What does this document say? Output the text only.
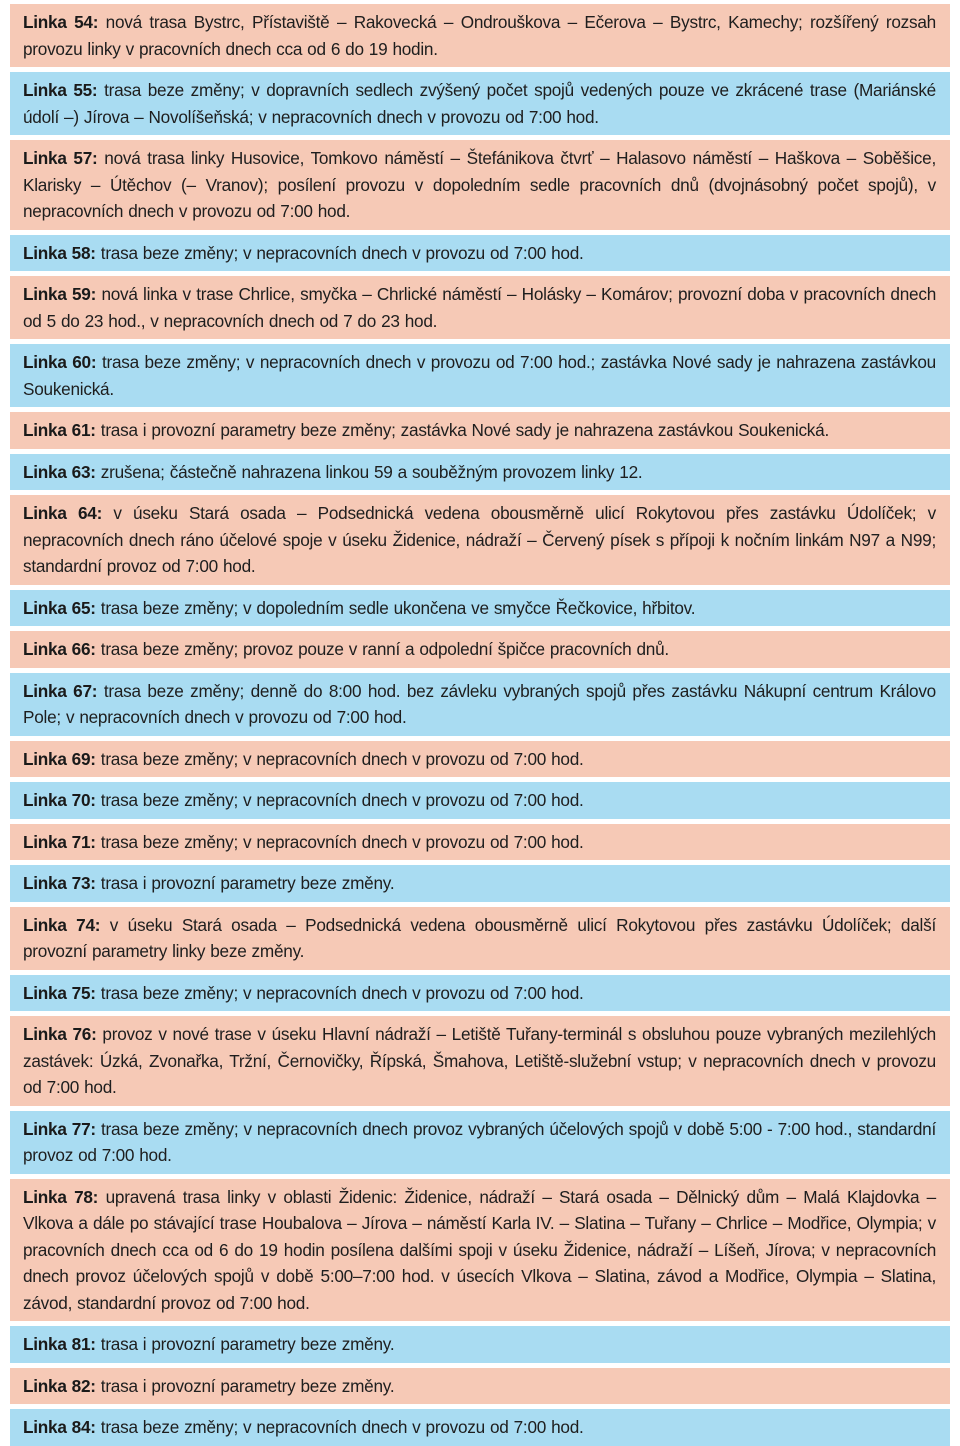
Linka 54: nová trasa Bystrc, Přístaviště – Rakovecká – Ondrouškova – Ečerova – Bystrc, Kamechy; rozšířený rozsah provozu linky v pracovních dnech cca od 6 do 19 hodin.
Linka 55: trasa beze změny; v dopravních sedlech zvýšený počet spojů vedených pouze ve zkrácené trase (Mariánské údolí –) Jírova – Novolíšeňská; v nepracovních dnech v provozu od 7:00 hod.
Linka 57: nová trasa linky Husovice, Tomkovo náměstí – Štefánikova čtvrť – Halasovo náměstí – Haškova – Soběšice, Klarisky – Útěchov (– Vranov); posílení provozu v dopoledním sedle pracovních dnů (dvojnásobný počet spojů), v nepracovních dnech v provozu od 7:00 hod.
Linka 58: trasa beze změny; v nepracovních dnech v provozu od 7:00 hod.
Linka 59: nová linka v trase Chrlice, smyčka – Chrlické náměstí – Holásky – Komárov; provozní doba v pracovních dnech od 5 do 23 hod., v nepracovních dnech od 7 do 23 hod.
Linka 60: trasa beze změny; v nepracovních dnech v provozu od 7:00 hod.; zastávka Nové sady je nahrazena zastávkou Soukenická.
Linka 61: trasa i provozní parametry beze změny; zastávka Nové sady je nahrazena zastávkou Soukenická.
Linka 63: zrušena; částečně nahrazena linkou 59 a souběžným provozem linky 12.
Linka 64: v úseku Stará osada – Podsednická vedena obousměrně ulicí Rokytovou přes zastávku Údolíček; v nepracovních dnech ráno účelové spoje v úseku Židenice, nádraží – Červený písek s přípoji k nočním linkám N97 a N99; standardní provoz od 7:00 hod.
Linka 65: trasa beze změny; v dopoledním sedle ukončena ve smyčce Řečkovice, hřbitov.
Linka 66: trasa beze změny; provoz pouze v ranní a odpolední špičce pracovních dnů.
Linka 67: trasa beze změny; denně do 8:00 hod. bez závleku vybraných spojů přes zastávku Nákupní centrum Královo Pole; v nepracovních dnech v provozu od 7:00 hod.
Linka 69: trasa beze změny; v nepracovních dnech v provozu od 7:00 hod.
Linka 70: trasa beze změny; v nepracovních dnech v provozu od 7:00 hod.
Linka 71: trasa beze změny; v nepracovních dnech v provozu od 7:00 hod.
Linka 73: trasa i provozní parametry beze změny.
Linka 74: v úseku Stará osada – Podsednická vedena obousměrně ulicí Rokytovou přes zastávku Údolíček; další provozní parametry linky beze změny.
Linka 75: trasa beze změny; v nepracovních dnech v provozu od 7:00 hod.
Linka 76: provoz v nové trase v úseku Hlavní nádraží – Letiště Tuřany-terminál s obsluhou pouze vybraných mezilehlých zastávek: Úzká, Zvonařka, Tržní, Černovičky, Řípská, Šmahova, Letiště-služební vstup; v nepracovních dnech v provozu od 7:00 hod.
Linka 77: trasa beze změny; v nepracovních dnech provoz vybraných účelových spojů v době 5:00 - 7:00 hod., standardní provoz od 7:00 hod.
Linka 78: upravená trasa linky v oblasti Židenic: Židenice, nádraží – Stará osada – Dělnický dům – Malá Klajdovka – Vlkova a dále po stávající trase Houbalova – Jírova – náměstí Karla IV. – Slatina – Tuřany – Chrlice – Modřice, Olympia; v pracovních dnech cca od 6 do 19 hodin posílena dalšími spoji v úseku Židenice, nádraží – Líšeň, Jírova; v nepracovních dnech provoz účelových spojů v době 5:00–7:00 hod. v úsecích Vlkova – Slatina, závod a Modřice, Olympia – Slatina, závod, standardní provoz od 7:00 hod.
Linka 81: trasa i provozní parametry beze změny.
Linka 82: trasa i provozní parametry beze změny.
Linka 84: trasa beze změny; v nepracovních dnech v provozu od 7:00 hod.
